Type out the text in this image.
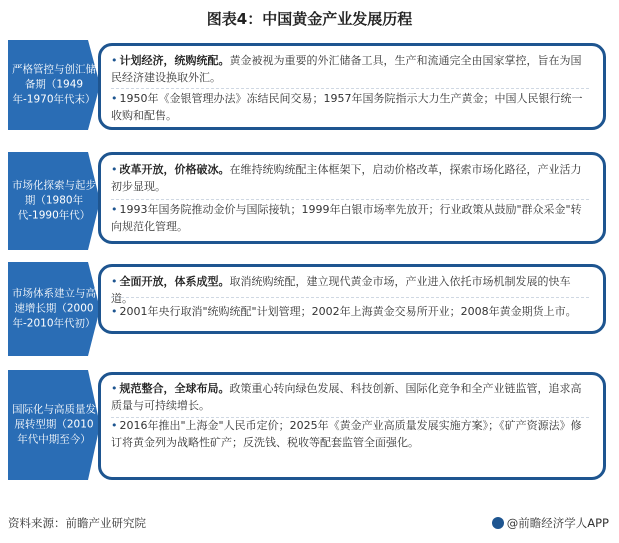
图表4：中国黄金产业发展历程
严格管控与创汇储备期（1949年-1970年代末）
• 计划经济，统购统配。黄金被视为重要的外汇储备工具，生产和流通完全由国家掌控，旨在为国民经济建设换取外汇。
• 1950年《金银管理办法》冻结民间交易；1957年国务院指示大力生产黄金；中国人民银行统一收购和配售。
市场化探索与起步期（1980年代-1990年代）
• 改革开放，价格破冰。在维持统购统配主体框架下，启动价格改革，探索市场化路径，产业活力初步显现。
• 1993年国务院推动金价与国际接轨；1999年白银市场率先放开；行业政策从鼓励"群众采金"转向规范化管理。
市场体系建立与高速增长期（2000年-2010年代初）
• 全面开放，体系成型。取消统购统配，建立现代黄金市场，产业进入依托市场机制发展的快车道。
• 2001年央行取消"统购统配"计划管理；2002年上海黄金交易所开业；2008年黄金期货上市。
国际化与高质量发展转型期（2010年代中期至今）
• 规范整合，全球布局。政策重心转向绿色发展、科技创新、国际化竞争和全产业链监管，追求高质量与可持续增长。
• 2016年推出"上海金"人民币定价；2025年《黄金产业高质量发展实施方案》；《矿产资源法》修订将黄金列为战略性矿产；反洗钱、税收等配套监管全面强化。
资料来源：前瞻产业研究院	@前瞻经济学人APP
